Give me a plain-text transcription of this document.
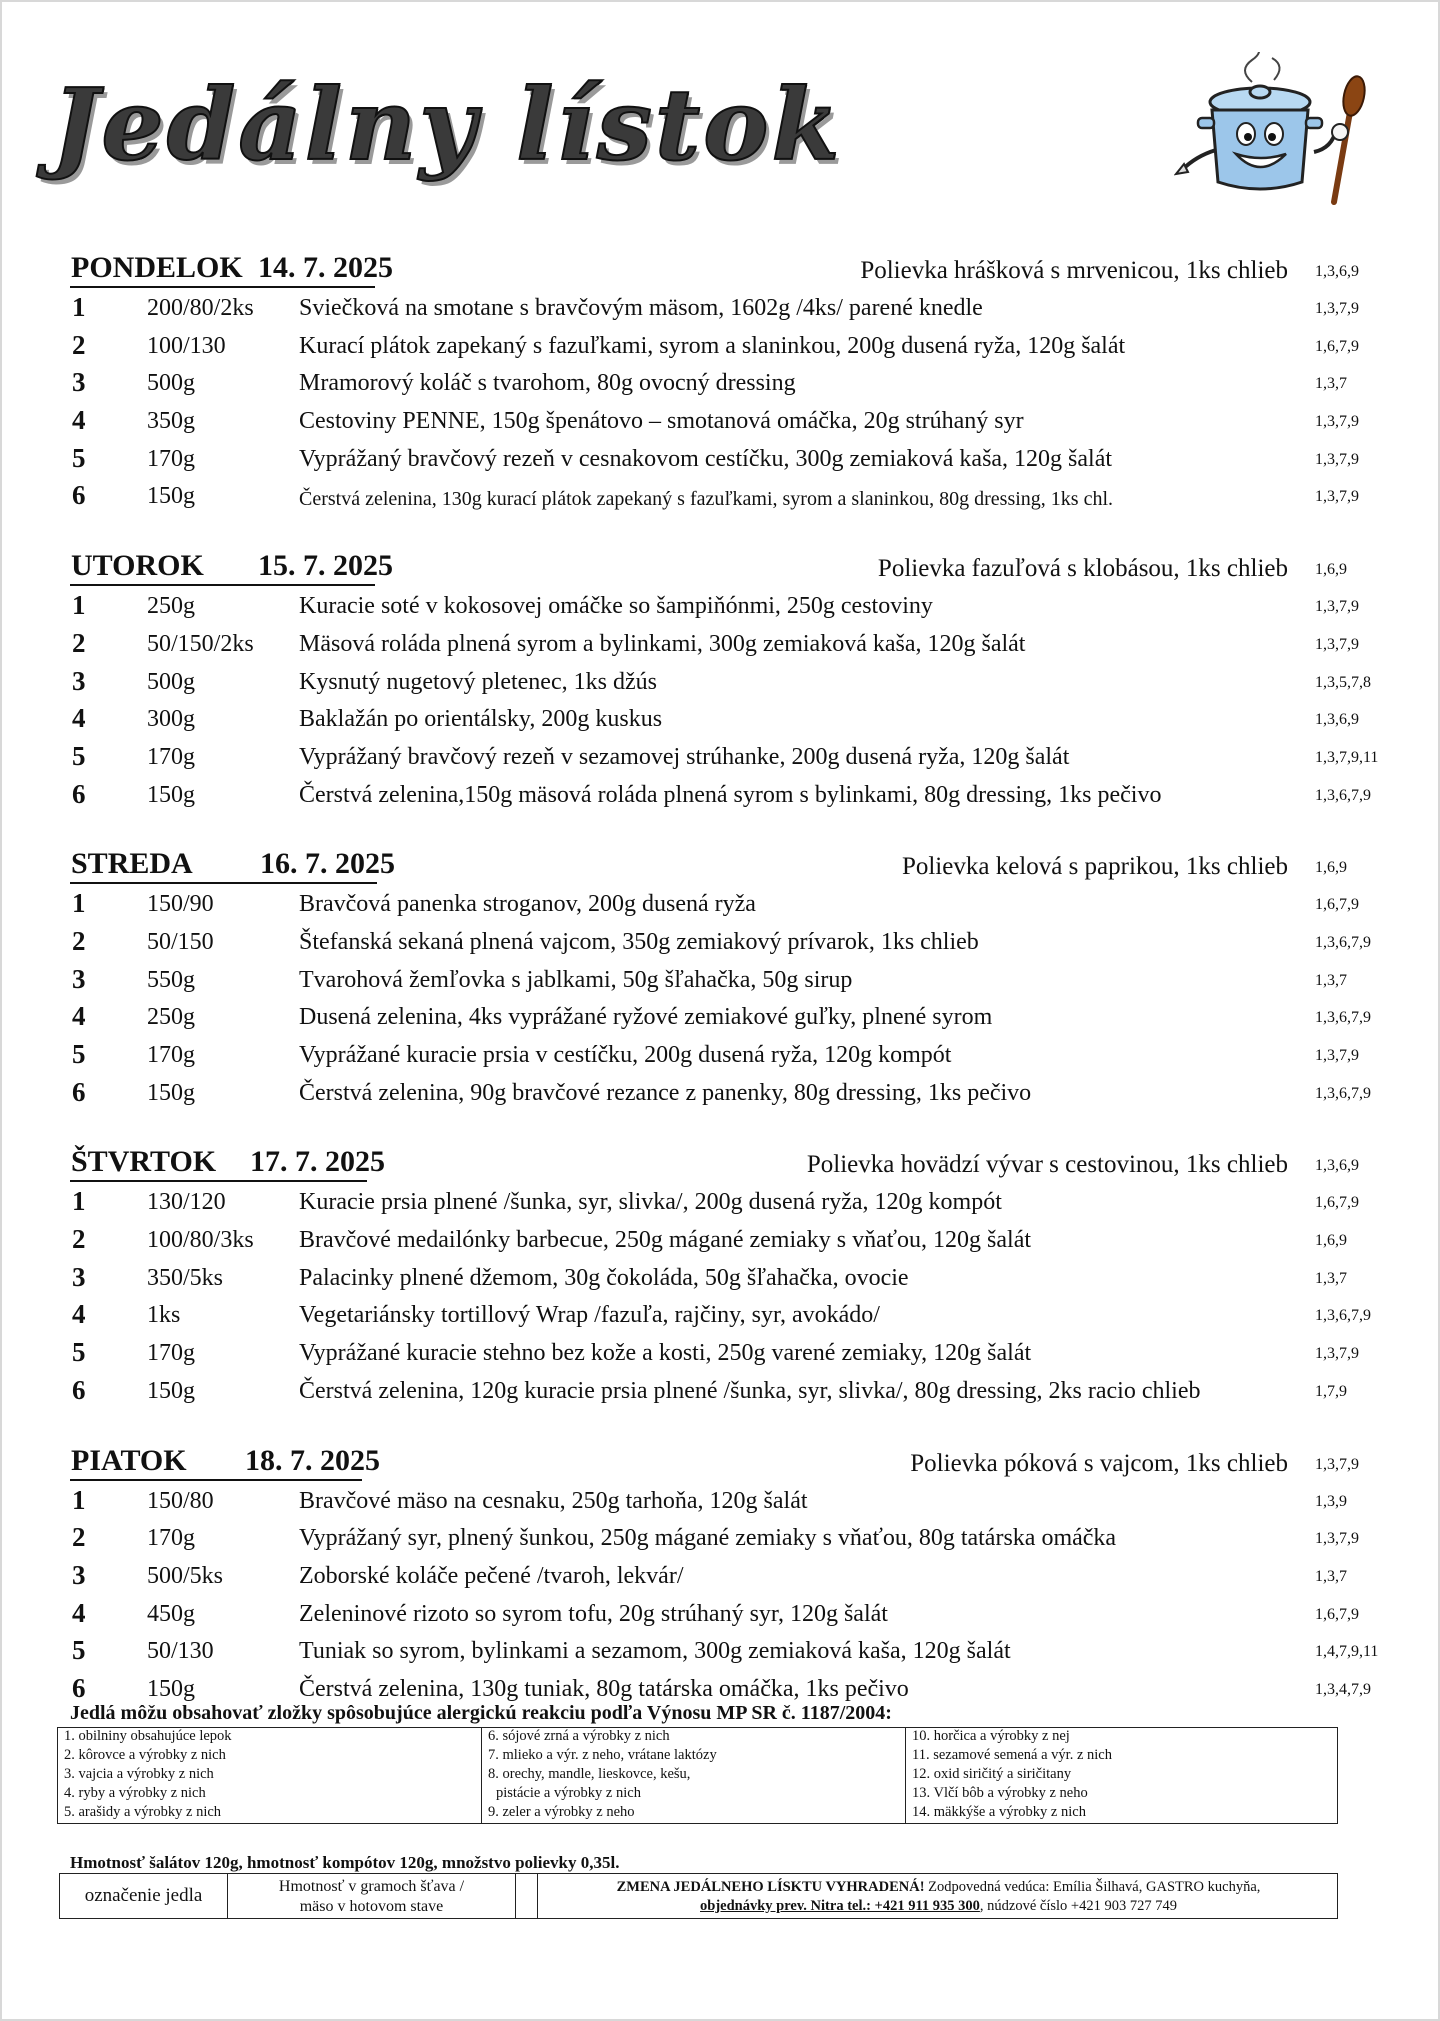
Jedálny lístok
PONDELOK 14. 7. 2025	Polievka hrášková s mrvenicou, 1ks chlieb 1,3,6,9
1	200/80/2ks Sviečková na smotane s bravčovým mäsom, 1602g /4ks/ parené knedle	1,3,7,9
2	100/130	Kurací plátok zapekaný s fazuľkami, syrom a slaninkou, 200g dusená ryža, 120g šalát	1,6,7,9
3	500g	Mramorový koláč s tvarohom, 80g ovocný dressing	1,3,7
4	350g	Cestoviny PENNE, 150g špenátovo – smotanová omáčka, 20g strúhaný syr	1,3,7,9
5	170g	Vyprážaný bravčový rezeň v cesnakovom cestíčku, 300g zemiaková kaša, 120g šalát	1,3,7,9
6	150g	Čerstvá zelenina, 130g kurací plátok zapekaný s fazuľkami, syrom a slaninkou, 80g dressing, 1ks chl.	1,3,7,9
UTOROK 15. 7. 2025	Polievka fazuľová s klobásou, 1ks chlieb 1,6,9
1	250g	Kuracie soté v kokosovej omáčke so šampiňónmi, 250g cestoviny	1,3,7,9
2	50/150/2ks Mäsová roláda plnená syrom a bylinkami, 300g zemiaková kaša, 120g šalát	1,3,7,9
3	500g	Kysnutý nugetový pletenec, 1ks džús	1,3,5,7,8
4	300g	Baklažán po orientálsky, 200g kuskus	1,3,6,9
5	170g	Vyprážaný bravčový rezeň v sezamovej strúhanke, 200g dusená ryža, 120g šalát	1,3,7,9,11
6	150g	Čerstvá zelenina,150g mäsová roláda plnená syrom s bylinkami, 80g dressing, 1ks pečivo	1,3,6,7,9
STREDA 16. 7. 2025	Polievka kelová s paprikou, 1ks chlieb 1,6,9
1	150/90	Bravčová panenka stroganov, 200g dusená ryža	1,6,7,9
2	50/150	Štefanská sekaná plnená vajcom, 350g zemiakový prívarok, 1ks chlieb	1,3,6,7,9
3	550g	Tvarohová žemľovka s jablkami, 50g šľahačka, 50g sirup	1,3,7
4	250g	Dusená zelenina, 4ks vyprážané ryžové zemiakové guľky, plnené syrom	1,3,6,7,9
5	170g	Vyprážané kuracie prsia v cestíčku, 200g dusená ryža, 120g kompót	1,3,7,9
6	150g	Čerstvá zelenina, 90g bravčové rezance z panenky, 80g dressing, 1ks pečivo	1,3,6,7,9
ŠTVRTOK 17. 7. 2025	Polievka hovädzí vývar s cestovinou, 1ks chlieb 1,3,6,9
1	130/120	Kuracie prsia plnené /šunka, syr, slivka/, 200g dusená ryža, 120g kompót	1,6,7,9
2	100/80/3ks Bravčové medailónky barbecue, 250g mágané zemiaky s vňaťou, 120g šalát	1,6,9
3	350/5ks	Palacinky plnené džemom, 30g čokoláda, 50g šľahačka, ovocie	1,3,7
4	1ks	Vegetariánsky tortillový Wrap /fazuľa, rajčiny, syr, avokádo/	1,3,6,7,9
5	170g	Vyprážané kuracie stehno bez kože a kosti, 250g varené zemiaky, 120g šalát	1,3,7,9
6	150g	Čerstvá zelenina, 120g kuracie prsia plnené /šunka, syr, slivka/, 80g dressing, 2ks racio chlieb	1,7,9
PIATOK 18. 7. 2025	Polievka póková s vajcom, 1ks chlieb 1,3,7,9
1	150/80	Bravčové mäso na cesnaku, 250g tarhoňa, 120g šalát	1,3,9
2	170g	Vyprážaný syr, plnený šunkou, 250g mágané zemiaky s vňaťou, 80g tatárska omáčka	1,3,7,9
3	500/5ks	Zoborské koláče pečené /tvaroh, lekvár/	1,3,7
4	450g	Zeleninové rizoto so syrom tofu, 20g strúhaný syr, 120g šalát	1,6,7,9
5	50/130	Tuniak so syrom, bylinkami a sezamom, 300g zemiaková kaša, 120g šalát	1,4,7,9,11
6	150g	Čerstvá zelenina, 130g tuniak, 80g tatárska omáčka, 1ks pečivo	1,3,4,7,9
Jedlá môžu obsahovať zložky spôsobujúce alergickú reakciu podľa Výnosu MP SR č. 1187/2004:
1. obilniny obsahujúce lepok	6. sójové zrná a výrobky z nich	10. horčica a výrobky z nej
2. kôrovce a výrobky z nich	7. mlieko a výr. z neho, vrátane laktózy	11. sezamové semená a výr. z nich
3. vajcia a výrobky z nich	8. orechy, mandle, lieskovce, kešu,	12. oxid siričitý a siričitany
4. ryby a výrobky z nich	pistácie a výrobky z nich	13. Vlčí bôb a výrobky z neho
5. arašidy a výrobky z nich	9. zeler a výrobky z neho	14. mäkkýše a výrobky z nich
Hmotnosť šalátov 120g, hmotnosť kompótov 120g, množstvo polievky 0,35l.
označenie jedla	Hmotnosť v gramoch šťava /
mäso v hotovom stave
ZMENA JEDÁLNEHO LÍSKTU VYHRADENÁ! Zodpovedná vedúca: Emília Šilhavá, GASTRO kuchyňa,
objednávky prev. Nitra tel.: +421 911 935 300, núdzové číslo +421 903 727 749
